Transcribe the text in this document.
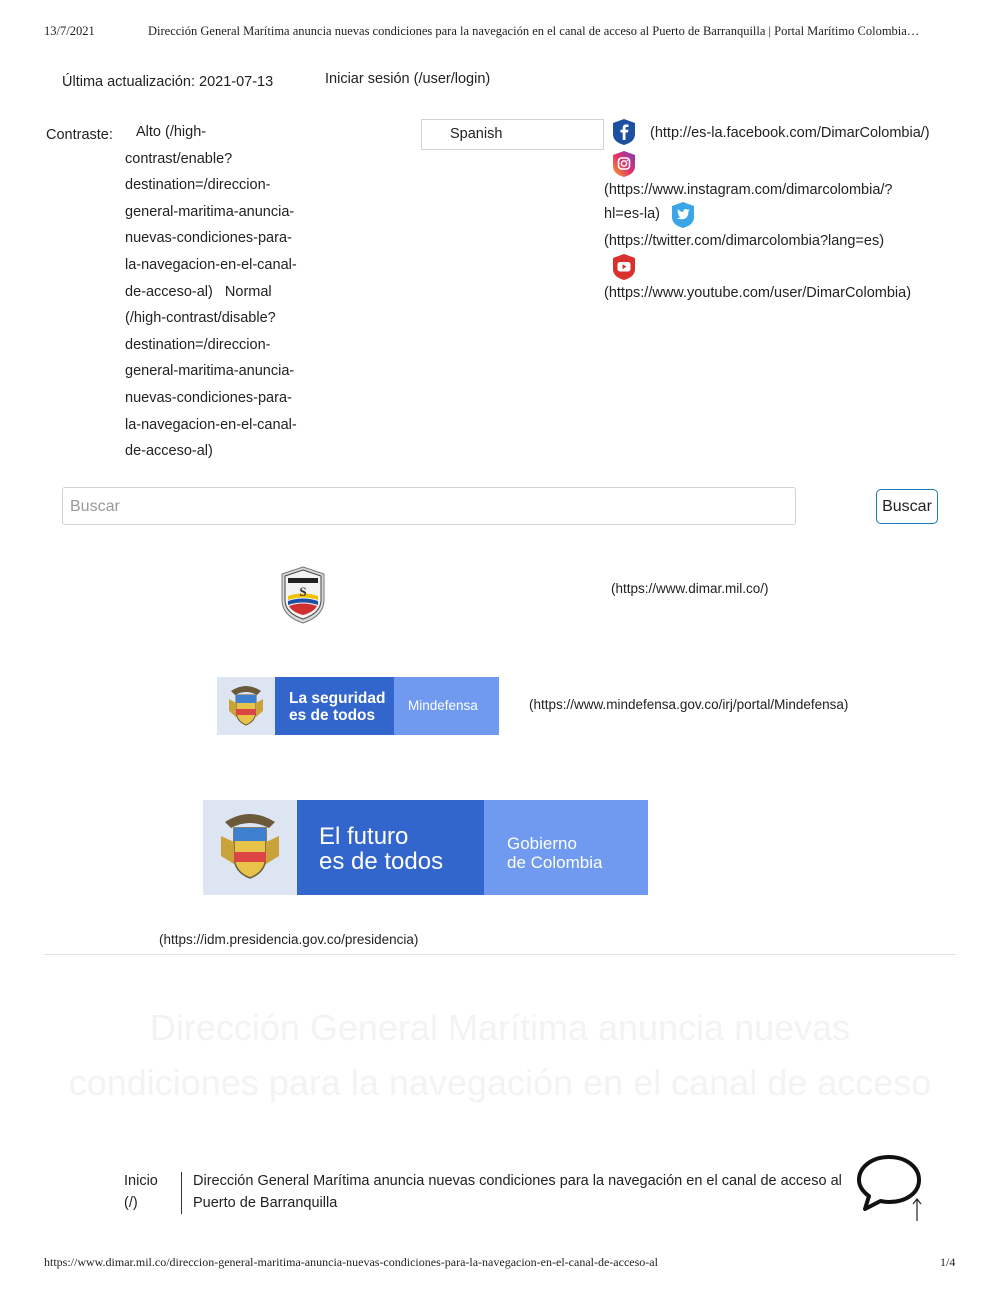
13/7/2021	Dirección General Marítima anuncia nuevas condiciones para la navegación en el canal de acceso al Puerto de Barranquilla | Portal Marítimo Colombia…
Última actualización: 2021-07-13	Iniciar sesión (/user/login)
Contraste:	Alto (/high-
contrast/enable?
destination=/direccion-
general-maritima-anuncia-
nuevas-condiciones-para-
la-navegacion-en-el-canal-
de-acceso-al)   Normal
(/high-contrast/disable?
destination=/direccion-
general-maritima-anuncia-
nuevas-condiciones-para-
la-navegacion-en-el-canal-
de-acceso-al)
Spanish	(http://es-la.facebook.com/DimarColombia/)
(https://www.instagram.com/dimarcolombia/?
hl=es-la)
(https://twitter.com/dimarcolombia?lang=es)
(https://www.youtube.com/user/DimarColombia)
Buscar	Buscar
S	(https://www.dimar.mil.co/)
La seguridad
es de todos
Mindefensa	(https://www.mindefensa.gov.co/irj/portal/Mindefensa)
El futuro
es de todos
Gobierno
de Colombia
(https://idm.presidencia.gov.co/presidencia)
Dirección General Marítima anuncia nuevas
condiciones para la navegación en el canal de acceso
Inicio
(/)
Dirección General Marítima anuncia nuevas condiciones para la navegación en el canal de acceso al
Puerto de Barranquilla
https://www.dimar.mil.co/direccion-general-maritima-anuncia-nuevas-condiciones-para-la-navegacion-en-el-canal-de-acceso-al	1/4
